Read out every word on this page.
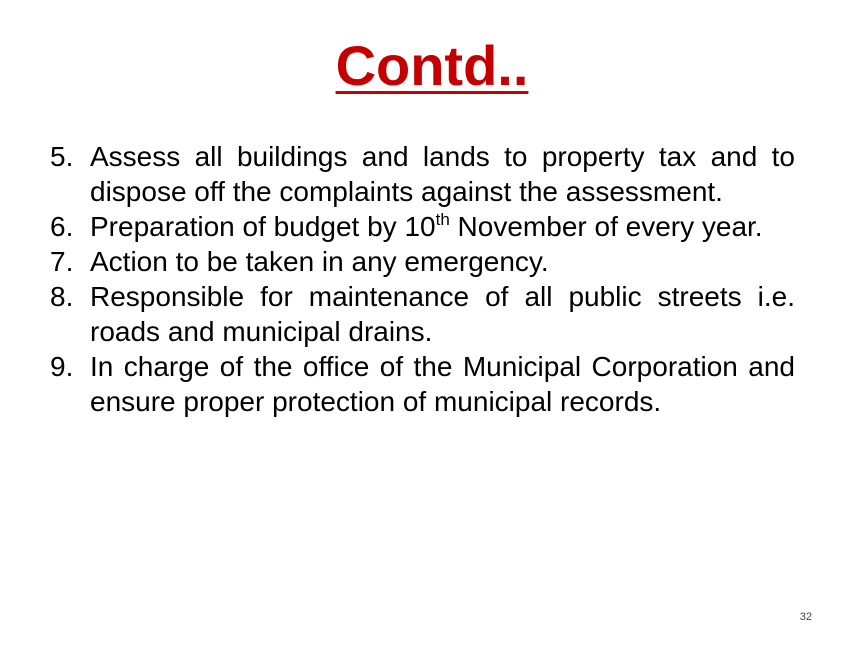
Contd..
5. Assess all buildings and lands to property tax and to dispose off the complaints against the assessment.
6. Preparation of budget by 10th November of every year.
7. Action to be taken in any emergency.
8. Responsible for maintenance of all public streets i.e. roads and municipal drains.
9. In charge of the office of the Municipal Corporation and ensure proper protection of municipal records.
32
